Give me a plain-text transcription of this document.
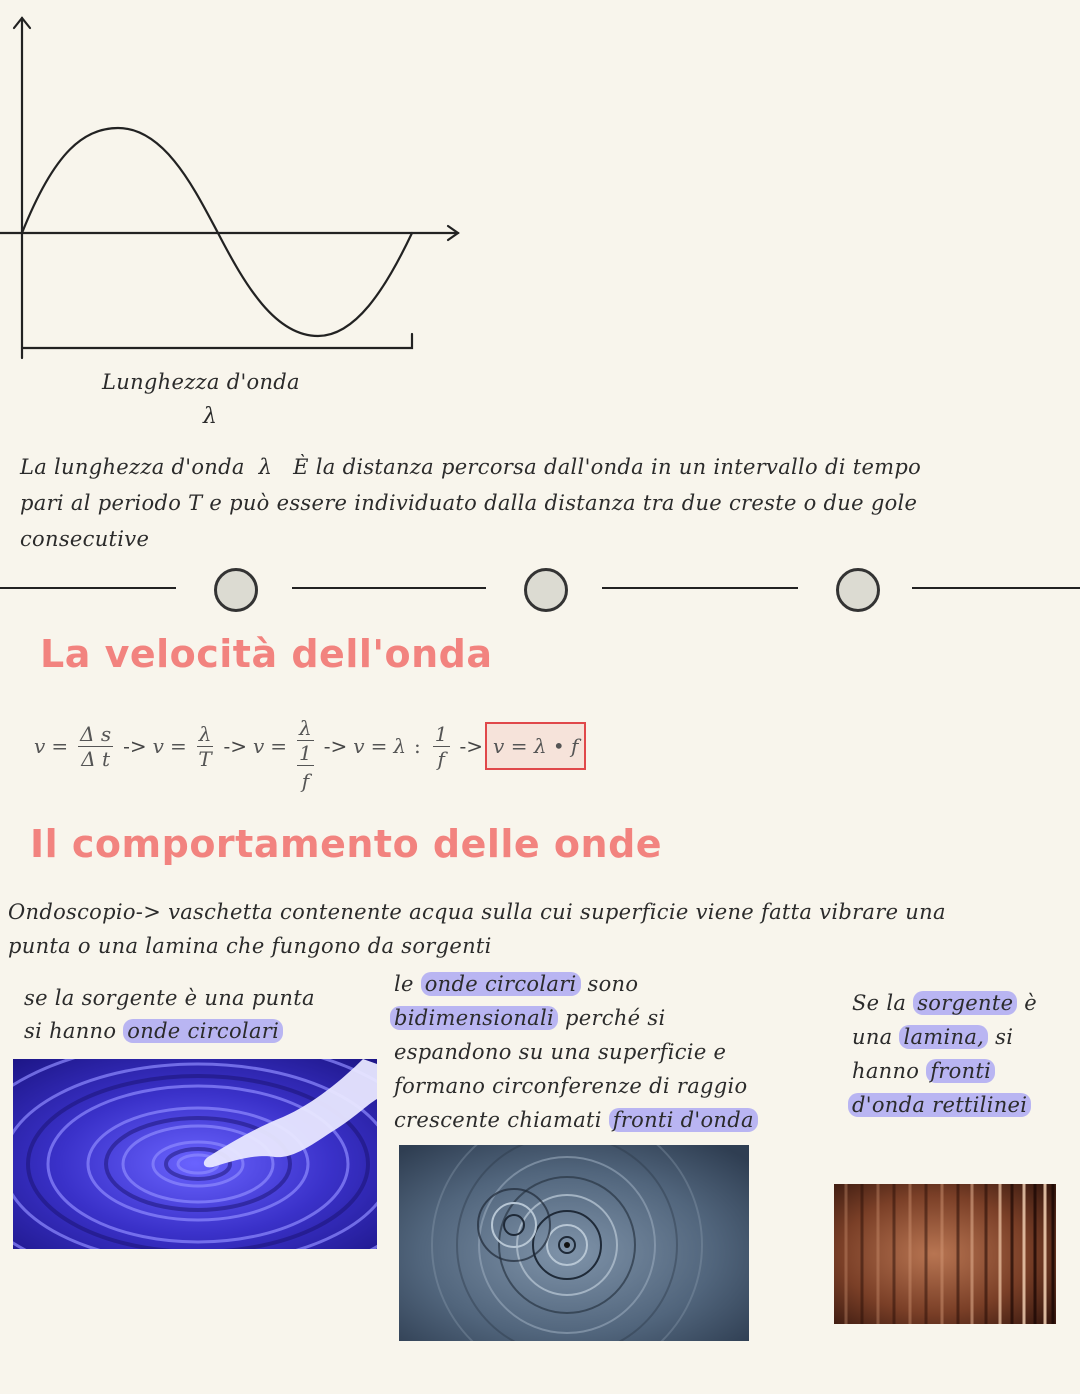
Lunghezza d'onda
λ
La lunghezza d'onda  λ   È la distanza percorsa dall'onda in un intervallo di tempo
pari al periodo T e può essere individuato dalla distanza tra due creste o due gole
consecutive
La velocità dell'onda
$v = \frac{\text{Δ s}}{\text{Δ t}} -> v = \frac{\lambda}{T} -> v = \lambda$
1
f -> v = λ : $\frac{1}{f} -> v = \lambda$ • f
Il comportamento delle onde
Ondoscopio-> vaschetta contenente acqua sulla cui superficie viene fatta vibrare una
punta o una lamina che fungono da sorgenti
se la sorgente è una punta
si hanno onde circolari
le onde circolari sono
bidimensionali perché si
espandono su una superficie e
formano circonferenze di raggio
crescente chiamati fronti d'onda
Se la sorgente è
una lamina, si
hanno fronti
d'onda rettilinei
